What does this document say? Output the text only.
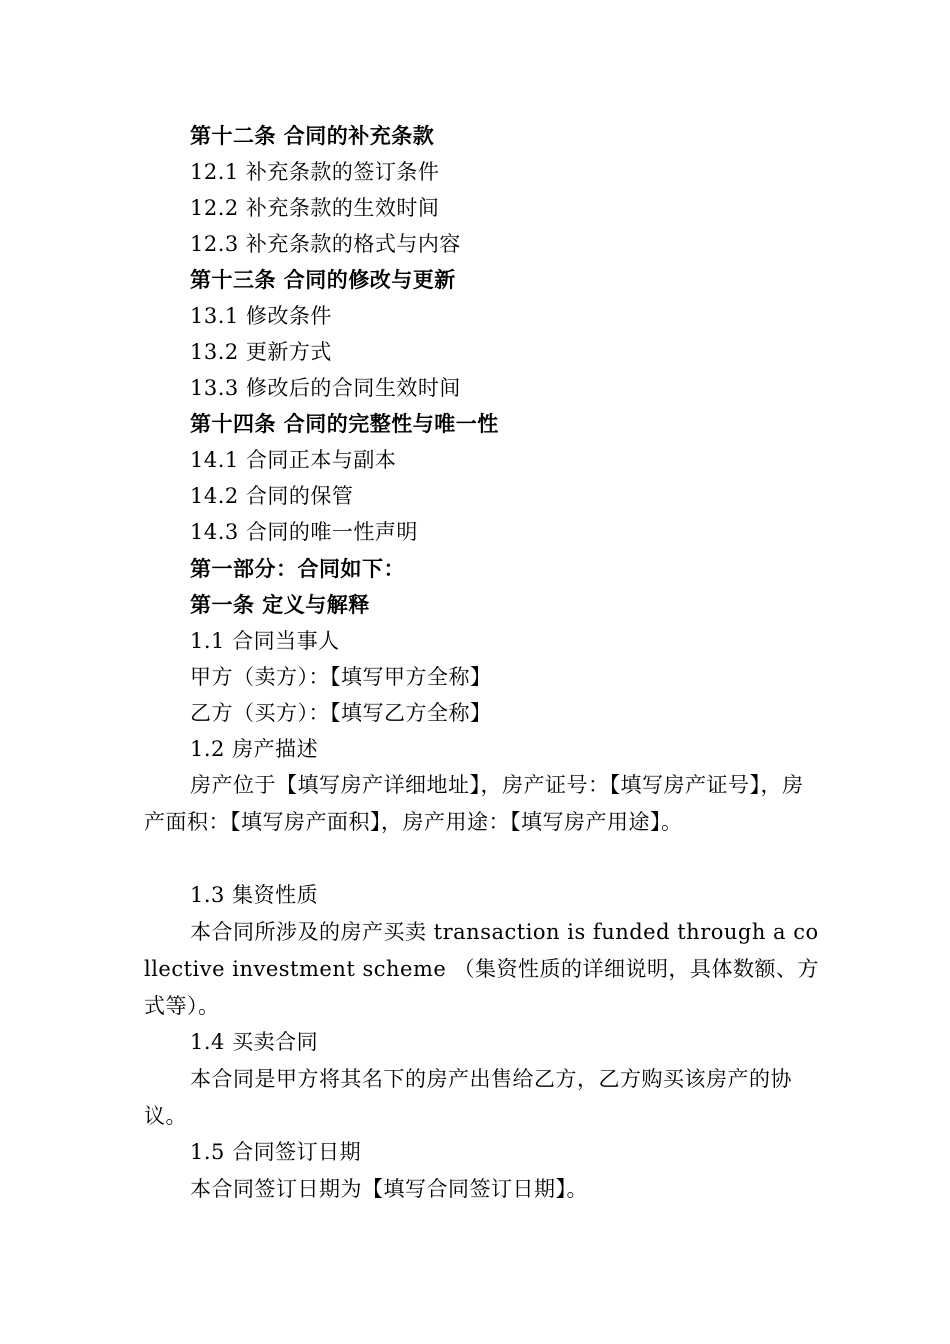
第十二条 合同的补充条款
12.1 补充条款的签订条件
12.2 补充条款的生效时间
12.3 补充条款的格式与内容
第十三条 合同的修改与更新
13.1 修改条件
13.2 更新方式
13.3 修改后的合同生效时间
第十四条 合同的完整性与唯一性
14.1 合同正本与副本
14.2 合同的保管
14.3 合同的唯一性声明
第一部分：合同如下：
第一条 定义与解释
1.1 合同当事人
甲方（卖方）：【填写甲方全称】
乙方（买方）：【填写乙方全称】
1.2 房产描述
房产位于【填写房产详细地址】，房产证号：【填写房产证号】，房产面积：【填写房产面积】，房产用途：【填写房产用途】。
1.3 集资性质
本合同所涉及的房产买卖 transaction is funded through a collective investment scheme （集资性质的详细说明，具体数额、方式等）。
1.4 买卖合同
本合同是甲方将其名下的房产出售给乙方，乙方购买该房产的协议。
1.5 合同签订日期
本合同签订日期为【填写合同签订日期】。
